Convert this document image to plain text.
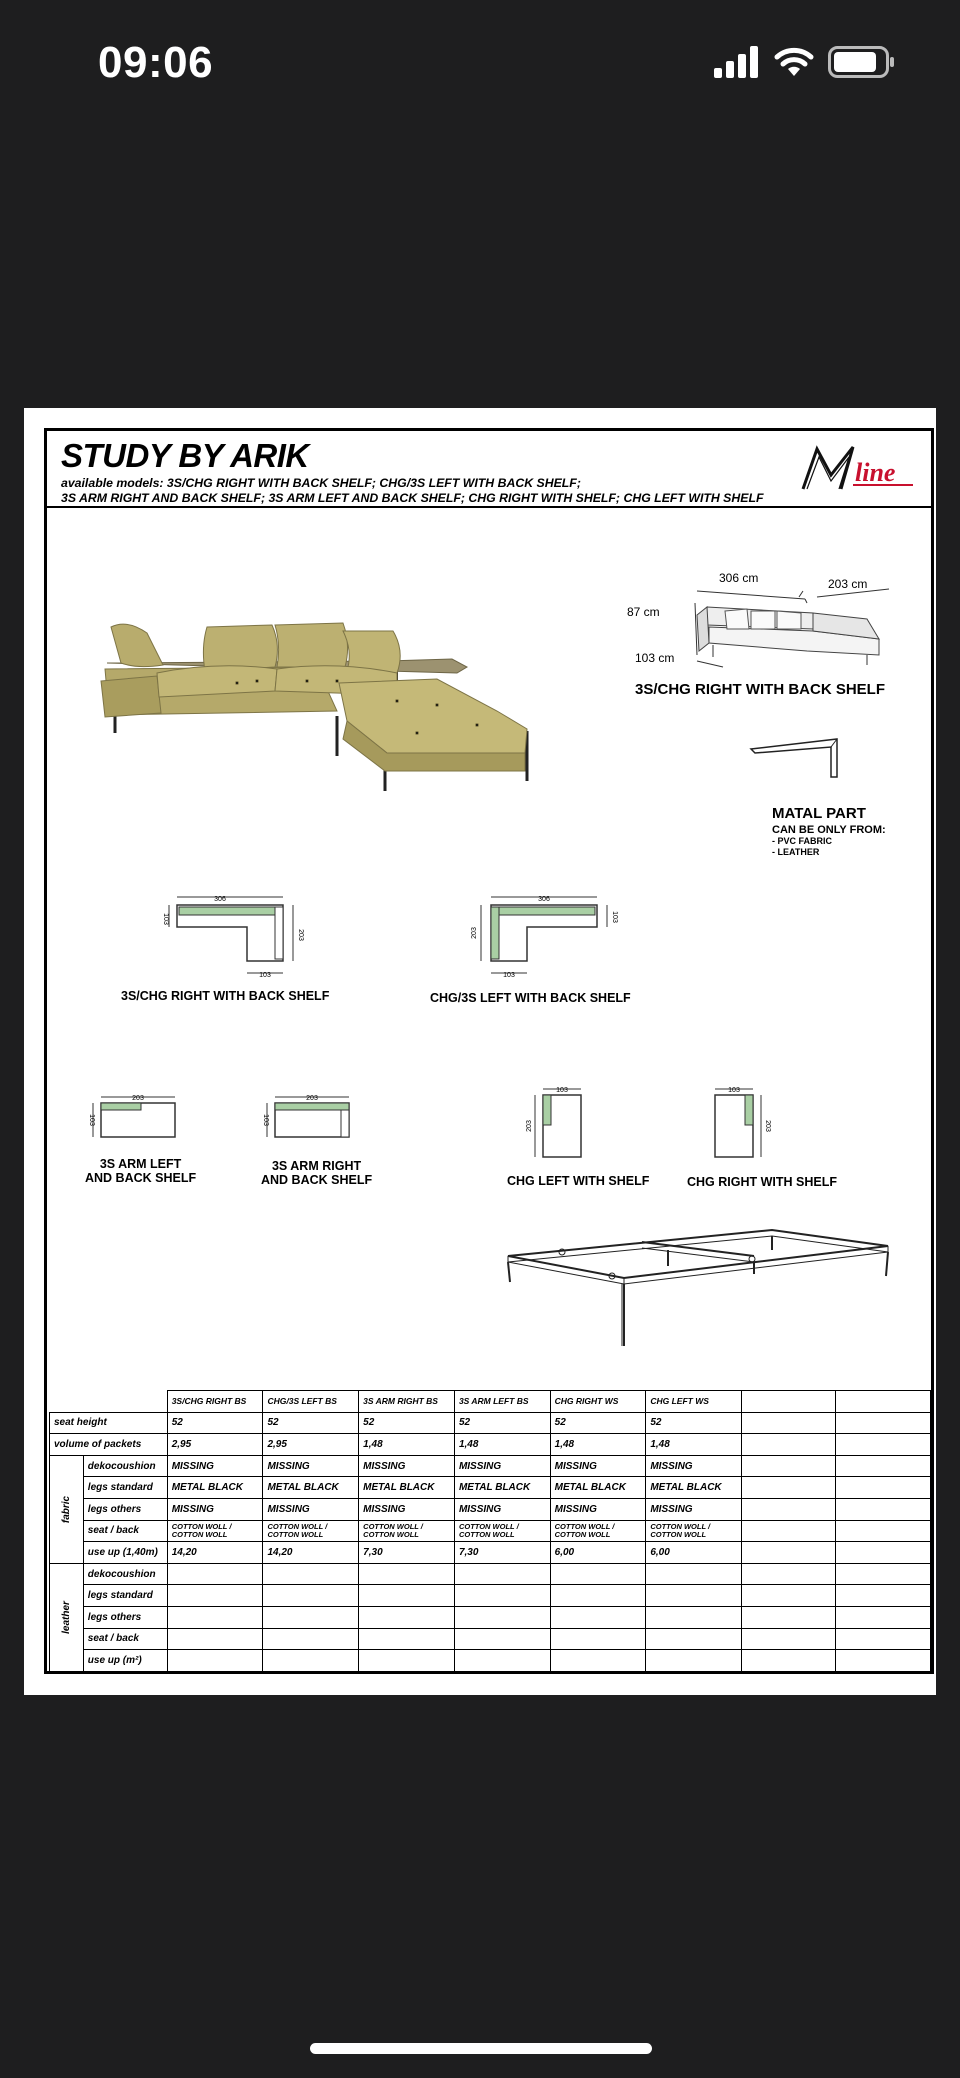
09:06
STUDY BY ARIK
available models: 3S/CHG RIGHT WITH BACK SHELF; CHG/3S LEFT WITH BACK SHELF;
3S ARM RIGHT AND BACK SHELF; 3S ARM LEFT AND BACK SHELF; CHG RIGHT WITH SHELF; CHG LEFT WITH SHELF
line
306 cm	203 cm
87 cm
103 cm
3S/CHG RIGHT WITH BACK SHELF
MATAL PART
CAN BE ONLY FROM:
- PVC FABRIC
- LEATHER
306
103
203
103
3S/CHG RIGHT WITH BACK SHELF
306
203
103
103
CHG/3S LEFT WITH BACK SHELF
203
103
3S ARM LEFT
AND BACK SHELF
203
103
3S ARM RIGHT
AND BACK SHELF
103
203
CHG LEFT WITH SHELF
103
203
CHG RIGHT WITH SHELF
		3S/CHG RIGHT BS	CHG/3S LEFT BS	3S ARM RIGHT BS	3S ARM LEFT BS	CHG RIGHT WS	CHG LEFT WS		
seat height		52	52	52	52	52	52		
volume of packets		2,95	2,95	1,48	1,48	1,48	1,48		
fabric	dekocoushion	MISSING	MISSING	MISSING	MISSING	MISSING	MISSING		
	legs standard	METAL BLACK	METAL BLACK	METAL BLACK	METAL BLACK	METAL BLACK	METAL BLACK		
	legs others	MISSING	MISSING	MISSING	MISSING	MISSING	MISSING		
	seat / back	COTTON WOLL / COTTON WOLL	COTTON WOLL / COTTON WOLL	COTTON WOLL / COTTON WOLL	COTTON WOLL / COTTON WOLL	COTTON WOLL / COTTON WOLL	COTTON WOLL / COTTON WOLL		
	use up (1,40m)	14,20	14,20	7,30	7,30	6,00	6,00		
leather	dekocoushion								
	legs standard								
	legs others								
	seat / back								
	use up (m²)								
